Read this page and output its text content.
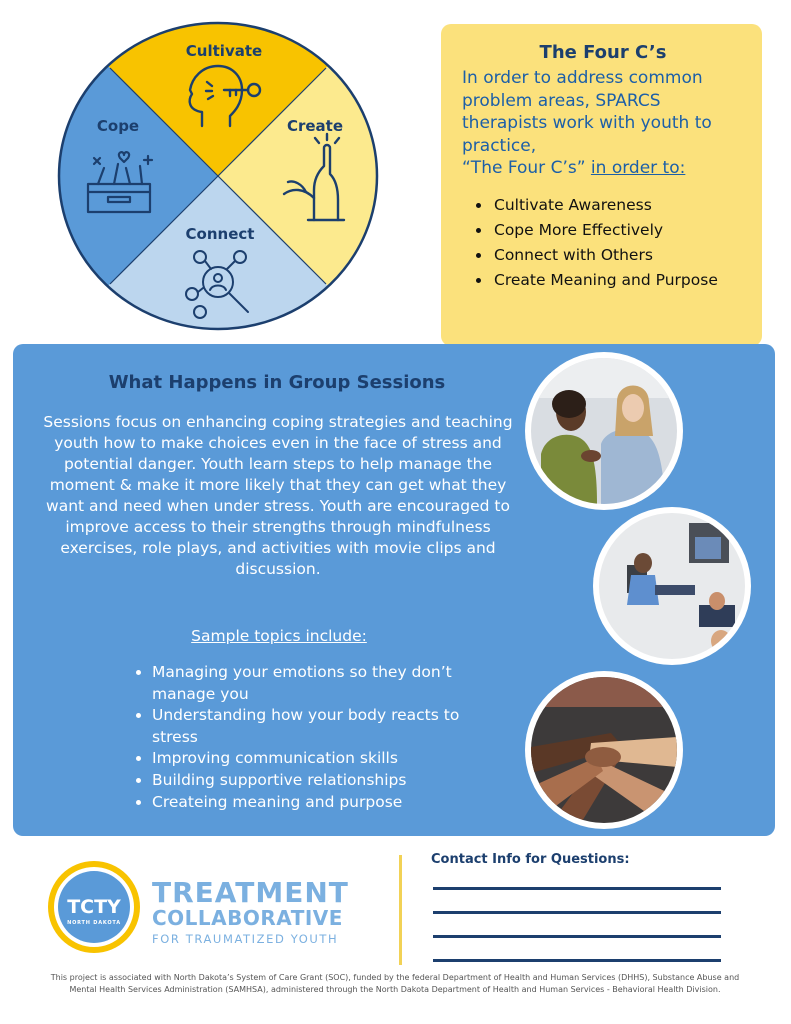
Cultivate
Create
Connect
Cope
The Four C’s

In order to address common problem areas, SPARCS therapists work with youth to practice,
“The Four C’s” in order to:

• Cultivate Awareness
• Cope More Effectively
• Connect with Others
• Create Meaning and Purpose
What Happens in Group Sessions

Sessions focus on enhancing coping strategies and teaching youth how to make choices even in the face of stress and potential danger. Youth learn steps to help manage the moment & make it more likely that they can get what they want and need when under stress. Youth are encouraged to improve access to their strengths through mindfulness exercises, role plays, and activities with movie clips and discussion.

Sample topics include:

• Managing your emotions so they don’t manage you
• Understanding how your body reacts to stress
• Improving communication skills
• Building supportive relationships
• Createing meaning and purpose
TCTY
NORTH DAKOTA
TREATMENT
COLLABORATIVE
FOR TRAUMATIZED YOUTH
Contact Info for Questions:

This project is associated with North Dakota’s System of Care Grant (SOC), funded by the federal Department of Health and Human Services (DHHS), Substance Abuse and Mental Health Services Administration (SAMHSA), administered through the North Dakota Department of Health and Human Services - Behavioral Health Division.
